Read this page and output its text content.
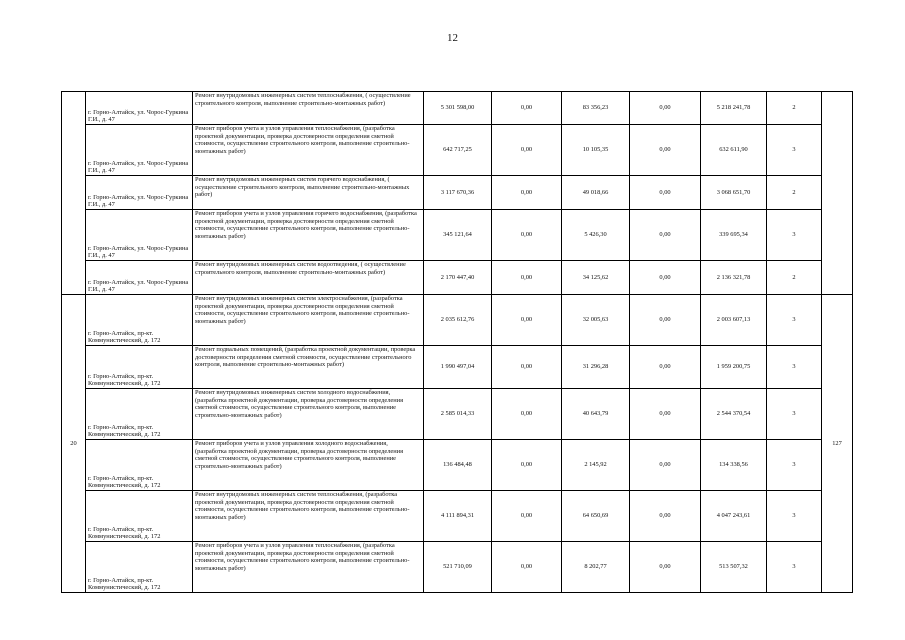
12
	г. Горно-Алтайск, ул. Чорос-Гуркина Г.И., д. 47	Ремонт внутридомовых инженерных систем теплоснабжения, ( осуществление строительного контроля, выполнение строительно-монтажных работ)	5 301 598,00	0,00	83 356,23	0,00	5 218 241,78	2	
	г. Горно-Алтайск, ул. Чорос-Гуркина Г.И., д. 47	Ремонт приборов учета и узлов управления теплоснабжения, (разработка проектной документации, проверка достоверности определения сметной стоимости, осуществление строительного контроля, выполнение строительно-монтажных работ)	642 717,25	0,00	10 105,35	0,00	632 611,90	3	
	г. Горно-Алтайск, ул. Чорос-Гуркина Г.И., д. 47	Ремонт внутридомовых инженерных систем горячего водоснабжения, ( осуществление строительного контроля, выполнение строительно-монтажных работ)	3 117 670,36	0,00	49 018,66	0,00	3 068 651,70	2	
	г. Горно-Алтайск, ул. Чорос-Гуркина Г.И., д. 47	Ремонт приборов учета и узлов управления горячего водоснабжения, (разработка проектной документации, проверка достоверности определения сметной стоимости, осуществление строительного контроля, выполнение строительно-монтажных работ)	345 121,64	0,00	5 426,30	0,00	339 695,34	3	
	г. Горно-Алтайск, ул. Чорос-Гуркина Г.И., д. 47	Ремонт внутридомовых инженерных систем водоотведения, ( осуществление строительного контроля, выполнение строительно-монтажных работ)	2 170 447,40	0,00	34 125,62	0,00	2 136 321,78	2	
20	г. Горно-Алтайск, пр-кт. Коммунистический, д. 172	Ремонт внутридомовых инженерных систем электроснабжения, (разработка проектной документации, проверка достоверности определения сметной стоимости, осуществление строительного контроля, выполнение строительно-монтажных работ)	2 035 612,76	0,00	32 005,63	0,00	2 003 607,13	3	127
	г. Горно-Алтайск, пр-кт. Коммунистический, д. 172	Ремонт подвальных помещений, (разработка проектной документации, проверка достоверности определения сметной стоимости, осуществление строительного контроля, выполнение строительно-монтажных работ)	1 990 497,04	0,00	31 296,28	0,00	1 959 200,75	3	
	г. Горно-Алтайск, пр-кт. Коммунистический, д. 172	Ремонт внутридомовых инженерных систем холодного водоснабжения, (разработка проектной документации, проверка достоверности определения сметной стоимости, осуществление строительного контроля, выполнение строительно-монтажных работ)	2 585 014,33	0,00	40 643,79	0,00	2 544 370,54	3	
	г. Горно-Алтайск, пр-кт. Коммунистический, д. 172	Ремонт приборов учета и узлов управления холодного водоснабжения, (разработка проектной документации, проверка достоверности определения сметной стоимости, осуществление строительного контроля, выполнение строительно-монтажных работ)	136 484,48	0,00	2 145,92	0,00	134 338,56	3	
	г. Горно-Алтайск, пр-кт. Коммунистический, д. 172	Ремонт внутридомовых инженерных систем теплоснабжения, (разработка проектной документации, проверка достоверности определения сметной стоимости, осуществление строительного контроля, выполнение строительно-монтажных работ)	4 111 894,31	0,00	64 650,69	0,00	4 047 243,61	3	
	г. Горно-Алтайск, пр-кт. Коммунистический, д. 172	Ремонт приборов учета и узлов управления теплоснабжения, (разработка проектной документации, проверка достоверности определения сметной стоимости, осуществление строительного контроля, выполнение строительно-монтажных работ)	521 710,09	0,00	8 202,77	0,00	513 507,32	3	
